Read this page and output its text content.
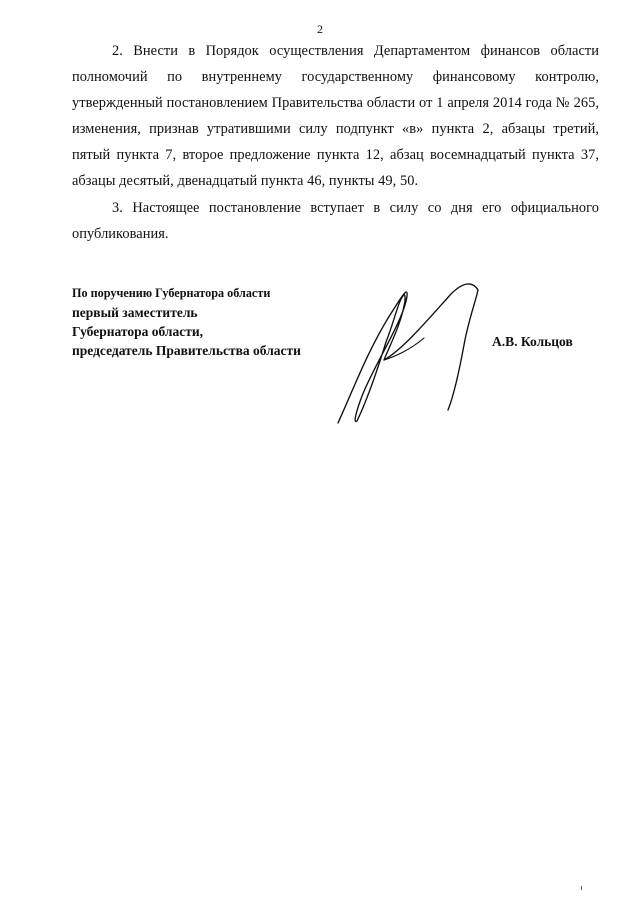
2
2. Внести в Порядок осуществления Департаментом финансов области полномочий по внутреннему государственному финансовому контролю, утвержденный постановлением Правительства области от 1 апреля 2014 года № 265, изменения, признав утратившими силу подпункт «в» пункта 2, абзацы третий, пятый пункта 7, второе предложение пункта 12, абзац восемнадцатый пункта 37, абзацы десятый, двенадцатый пункта 46, пункты 49, 50.
3. Настоящее постановление вступает в силу со дня его официального опубликования.
По поручению Губернатора области
первый заместитель
Губернатора области,
председатель Правительства области
А.В. Кольцов
